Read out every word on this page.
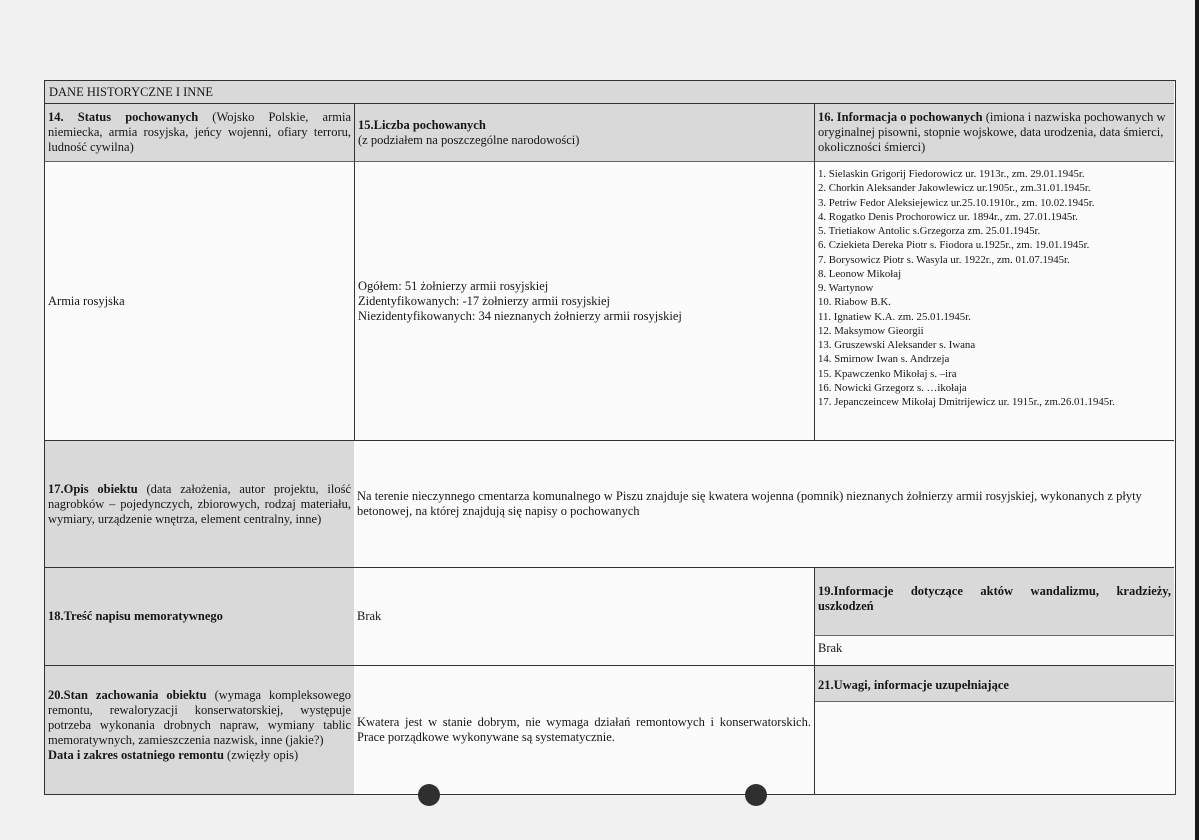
DANE HISTORYCZNE I INNE
14. Status pochowanych (Wojsko Polskie, armia niemiecka, armia rosyjska, jeńcy wojenni, ofiary terroru, ludność cywilna)
15.Liczba pochowanych
(z podziałem na poszczególne narodowości)
16. Informacja o pochowanych (imiona i nazwiska pochowanych w oryginalnej pisowni, stopnie wojskowe, data urodzenia, data śmierci, okoliczności śmierci)
Armia rosyjska
Ogółem: 51 żołnierzy armii rosyjskiej
Zidentyfikowanych: -17 żołnierzy armii rosyjskiej
Niezidentyfikowanych: 34 nieznanych żołnierzy armii rosyjskiej
1. Sielaskin Grigorij Fiedorowicz ur. 1913r., zm. 29.01.1945r.
2. Chorkin Aleksander Jakowlewicz ur.1905r., zm.31.01.1945r.
3. Petriw Fedor Aleksiejewicz ur.25.10.1910r., zm. 10.02.1945r.
4. Rogatko Denis Prochorowicz ur. 1894r., zm. 27.01.1945r.
5. Trietiakow Antolic s.Grzegorza zm. 25.01.1945r.
6. Cziekieta Dereka Piotr s. Fiodora u.1925r., zm. 19.01.1945r.
7. Borysowicz Piotr s. Wasyla ur. 1922r., zm. 01.07.1945r.
8. Leonow Mikołaj
9. Wartynow
10. Riabow B.K.
11. Ignatiew K.A. zm. 25.01.1945r.
12. Maksymow Gieorgii
13. Gruszewski Aleksander s. Iwana
14. Smirnow Iwan s. Andrzeja
15. Kpawczenko Mikołaj s. –ira
16. Nowicki Grzegorz s. …ikołaja
17. Jepanczeincew Mikołaj Dmitrijewicz ur. 1915r., zm.26.01.1945r.
17.Opis obiektu (data założenia, autor projektu, ilość nagrobków – pojedynczych, zbiorowych, rodzaj materiału, wymiary, urządzenie wnętrza, element centralny, inne)
Na terenie nieczynnego cmentarza komunalnego w Piszu znajduje się kwatera wojenna (pomnik) nieznanych żołnierzy armii rosyjskiej, wykonanych z płyty betonowej, na której znajdują się napisy o pochowanych
18.Treść napisu memoratywnego	Brak
19.Informacje dotyczące aktów wandalizmu, kradzieży, uszkodzeń
Brak
20.Stan zachowania obiektu (wymaga kompleksowego remontu, rewaloryzacji konserwatorskiej, występuje potrzeba wykonania drobnych napraw, wymiany tablic memoratywnych, zamieszczenia nazwisk, inne (jakie?)
Data i zakres ostatniego remontu (zwięzły opis)
Kwatera jest w stanie dobrym, nie wymaga działań remontowych i konserwatorskich. Prace porządkowe wykonywane są systematycznie.
21.Uwagi, informacje uzupełniające
